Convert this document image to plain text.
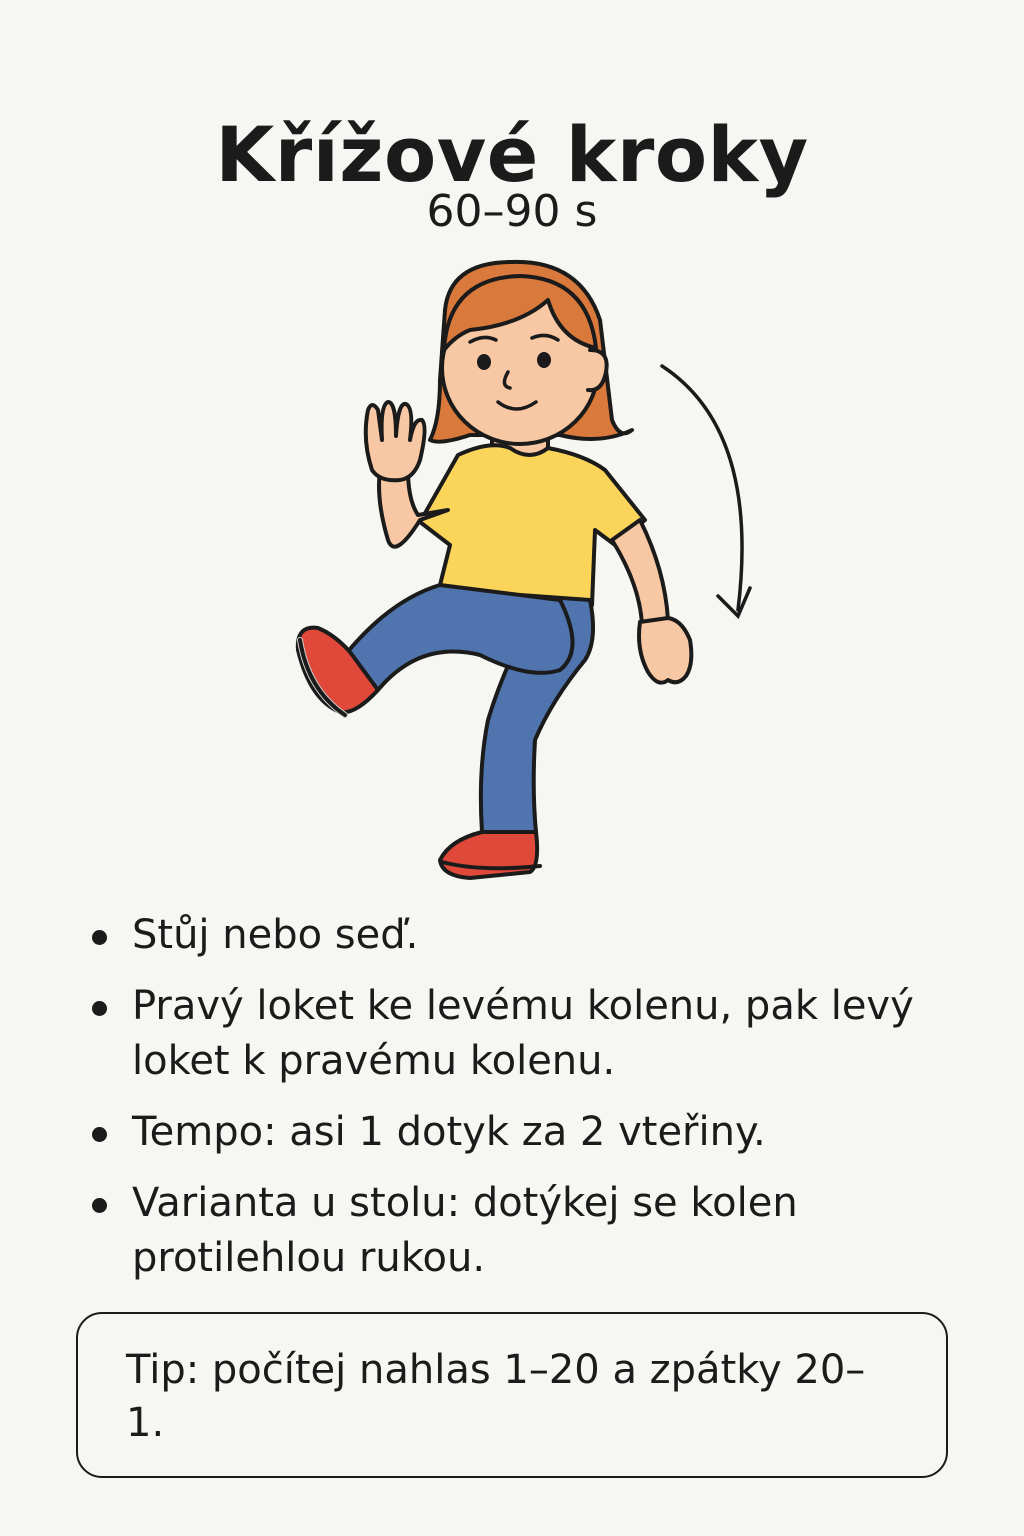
Křížové kroky
60–90 s
Stůj nebo seď.
Pravý loket ke levému kolenu, pak levý loket k pravému kolenu.
Tempo: asi 1 dotyk za 2 vteřiny.
Varianta u stolu: dotýkej se kolen protilehlou rukou.
Tip: počítej nahlas 1–20 a zpátky 20–1.
